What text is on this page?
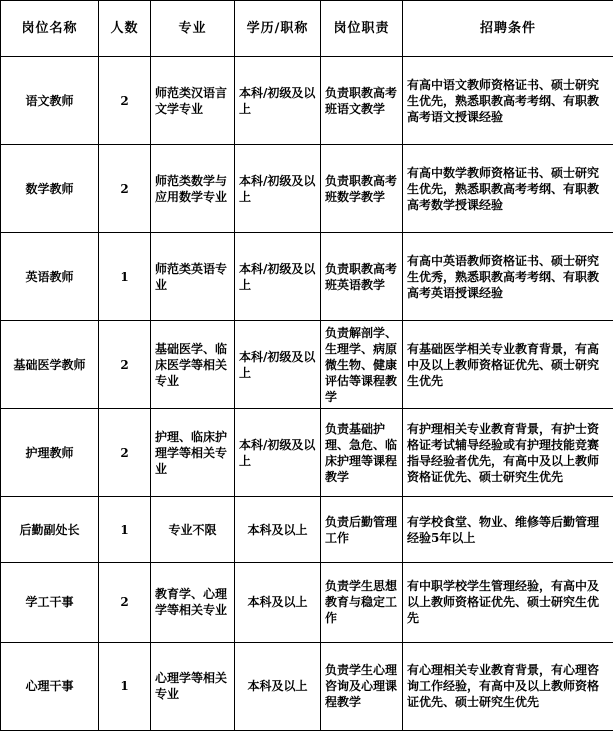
岗位名称	人数	专业	学历/职称	岗位职责	招聘条件
语文教师	2	师范类汉语言文学专业	本科/初级及以上	负责职教高考班语文教学	有高中语文教师资格证书、硕士研究生优先，熟悉职教高考考纲、有职教高考语文授课经验
数学教师	2	师范类数学与应用数学专业	本科/初级及以上	负责职教高考班数学教学	有高中数学教师资格证书、硕士研究生优先，熟悉职教高考考纲、有职教高考数学授课经验
英语教师	1	师范类英语专业	本科/初级及以上	负责职教高考班英语教学	有高中英语教师资格证书、硕士研究生优秀，熟悉职教高考考纲、有职教高考英语授课经验
基础医学教师	2	基础医学、临床医学等相关专业	本科/初级及以上	负责解剖学、生理学、病原微生物、健康评估等课程教学	有基础医学相关专业教育背景，有高中及以上教师资格证优先、硕士研究生优先
护理教师	2	护理、临床护理学等相关专业	本科/初级及以上	负责基础护理、急危、临床护理等课程教学	有护理相关专业教育背景，有护士资格证考试辅导经验或有护理技能竞赛指导经验者优先，有高中及以上教师资格证优先、硕士研究生优先
后勤副处长	1	专业不限	本科及以上	负责后勤管理工作	有学校食堂、物业、维修等后勤管理经验5年以上
学工干事	2	教育学、心理学等相关专业	本科及以上	负责学生思想教育与稳定工作	有中职学校学生管理经验，有高中及以上教师资格证优先、硕士研究生优先
心理干事	1	心理学等相关专业	本科及以上	负责学生心理咨询及心理课程教学	有心理相关专业教育背景，有心理咨询工作经验，有高中及以上教师资格证优先、硕士研究生优先
